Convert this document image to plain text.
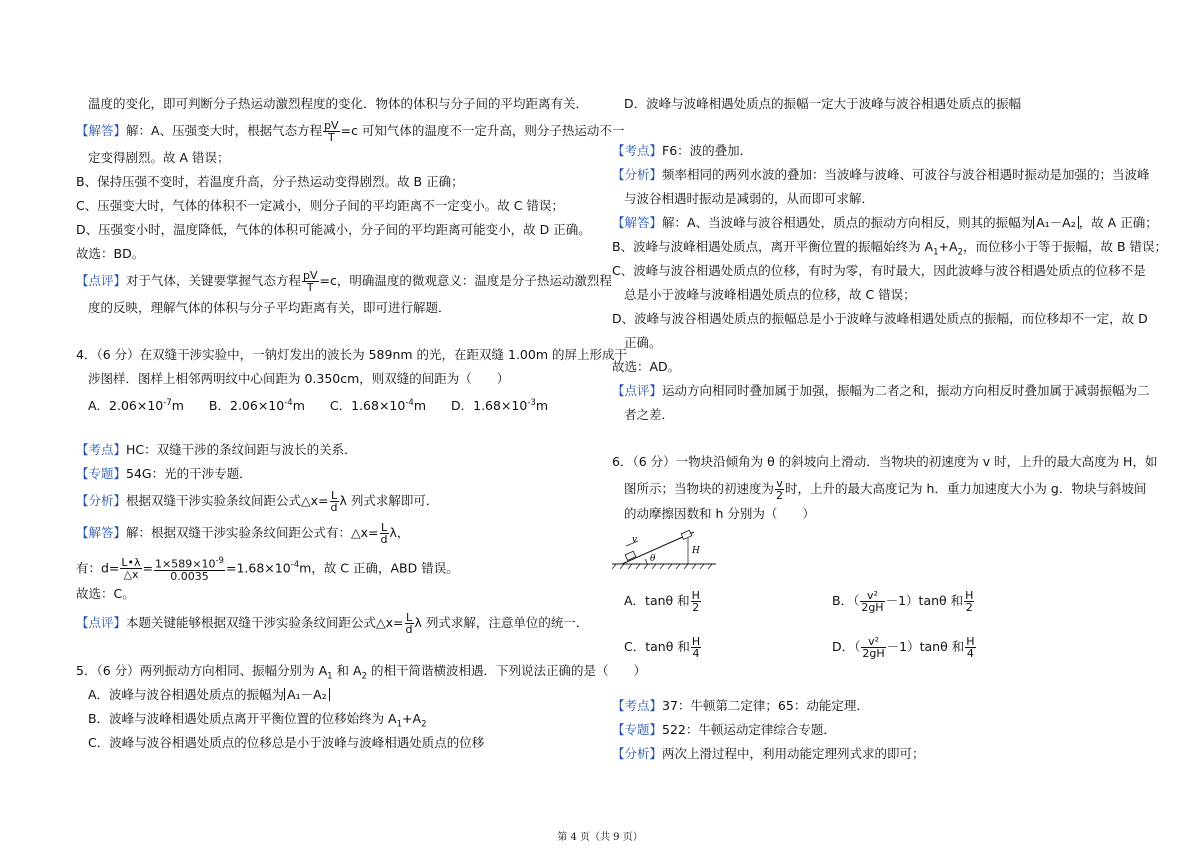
温度的变化，即可判断分子热运动激烈程度的变化．物体的体积与分子间的平均距离有关．
【解答】解：A、压强变大时，根据气态方程 $\frac{pV}{T} =c$ 可知气体的温度不一定升高，则分子热运动不一
定变得剧烈。故 A 错误；
B、保持压强不变时，若温度升高，分子热运动变得剧烈。故 B 正确；
C、压强变大时，气体的体积不一定减小，则分子间的平均距离不一定变小。故 C 错误；
D、压强变小时，温度降低，气体的体积可能减小，分子间的平均距离可能变小，故 D 正确。
故选：BD。
【点评】对于气体，关键要掌握气态方程 $\frac{pV}{T} =c$，明确温度的微观意义：温度是分子热运动激烈程
度的反映，理解气体的体积与分子平均距离有关，即可进行解题．
4．（6 分）在双缝干涉实验中，一钠灯发出的波长为 589nm 的光，在距双缝 1.00m 的屏上形成干
涉图样．图样上相邻两明纹中心间距为 0.350cm，则双缝的间距为（　　）
A．$2.06\times 10^{-7}m$　　B．$2.06\times 10^{-4}m$　　C．$1.68\times 10^{-4}m$　　D．$1.68\times 10^{-3}m$
【考点】HC：双缝干涉的条纹间距与波长的关系．
【专题】54G：光的干涉专题．
【分析】根据双缝干涉实验条纹间距公式△x= $\frac{L}{d}$ λ 列式求解即可．
【解答】解：根据双缝干涉实验条纹间距公式有：△x= $\frac{L}{d}$ λ，
有：$d= \frac{L•\lambda}{\triangle x} = \frac{1\times 589\times 10^{-9}}{0.0035} =1.68\times 10^{-4}m$，故 C 正确，ABD 错误。
故选：C。
【点评】本题关键能够根据双缝干涉实验条纹间距公式△x= $\frac{L}{d}$ λ 列式求解，注意单位的统一．
5．（6 分）两列振动方向相同、振幅分别为 $A_1$ 和 $A_2$ 的相干简谐横波相遇．下列说法正确的是（　　）
A．波峰与波谷相遇处质点的振幅为 A₁－A₂
B．波峰与波峰相遇处质点离开平衡位置的位移始终为 $A_1+A_2$
C．波峰与波谷相遇处质点的位移总是小于波峰与波峰相遇处质点的位移
D．波峰与波峰相遇处质点的振幅一定大于波峰与波谷相遇处质点的振幅
【考点】F6：波的叠加．
【分析】频率相同的两列水波的叠加：当波峰与波峰、可波谷与波谷相遇时振动是加强的；当波峰
与波谷相遇时振动是减弱的，从而即可求解．
【解答】解：A、当波峰与波谷相遇处，质点的振动方向相反，则其的振幅为 A₁－A₂ ，故 A 正确；
B、波峰与波峰相遇处质点，离开平衡位置的振幅始终为 $A_1+A_2$，而位移小于等于振幅，故 B 错误；
C、波峰与波谷相遇处质点的位移，有时为零，有时最大，因此波峰与波谷相遇处质点的位移不是
总是小于波峰与波峰相遇处质点的位移，故 C 错误；
D、波峰与波谷相遇处质点的振幅总是小于波峰与波峰相遇处质点的振幅，而位移却不一定，故 D
正确。
故选：AD。
【点评】运动方向相同时叠加属于加强，振幅为二者之和，振动方向相反时叠加属于减弱振幅为二
者之差．
6．（6 分）一物块沿倾角为 θ 的斜坡向上滑动．当物块的初速度为 v 时，上升的最大高度为 H，如
图所示；当物块的初速度为 $\frac{v}{2}$ 时，上升的最大高度记为 h．重力加速度大小为 g．物块与斜坡间
的动摩擦因数和 h 分别为（　　）
v
θ
H
A．tanθ 和 $\frac{H}{2}$	B．（ $\frac{\text{v²}}{2gH} -1)\tan\theta$ 和 $\frac{H}{2}$
C．tanθ 和 $\frac{H}{4}$	D．（ $\frac{\text{v²}}{2gH} -1)\tan\theta$ 和 $\frac{H}{4}$
【考点】37：牛顿第二定律；65：动能定理．
【专题】522：牛顿运动定律综合专题．
【分析】两次上滑过程中，利用动能定理列式求的即可；
第 4 页（共 9 页）
